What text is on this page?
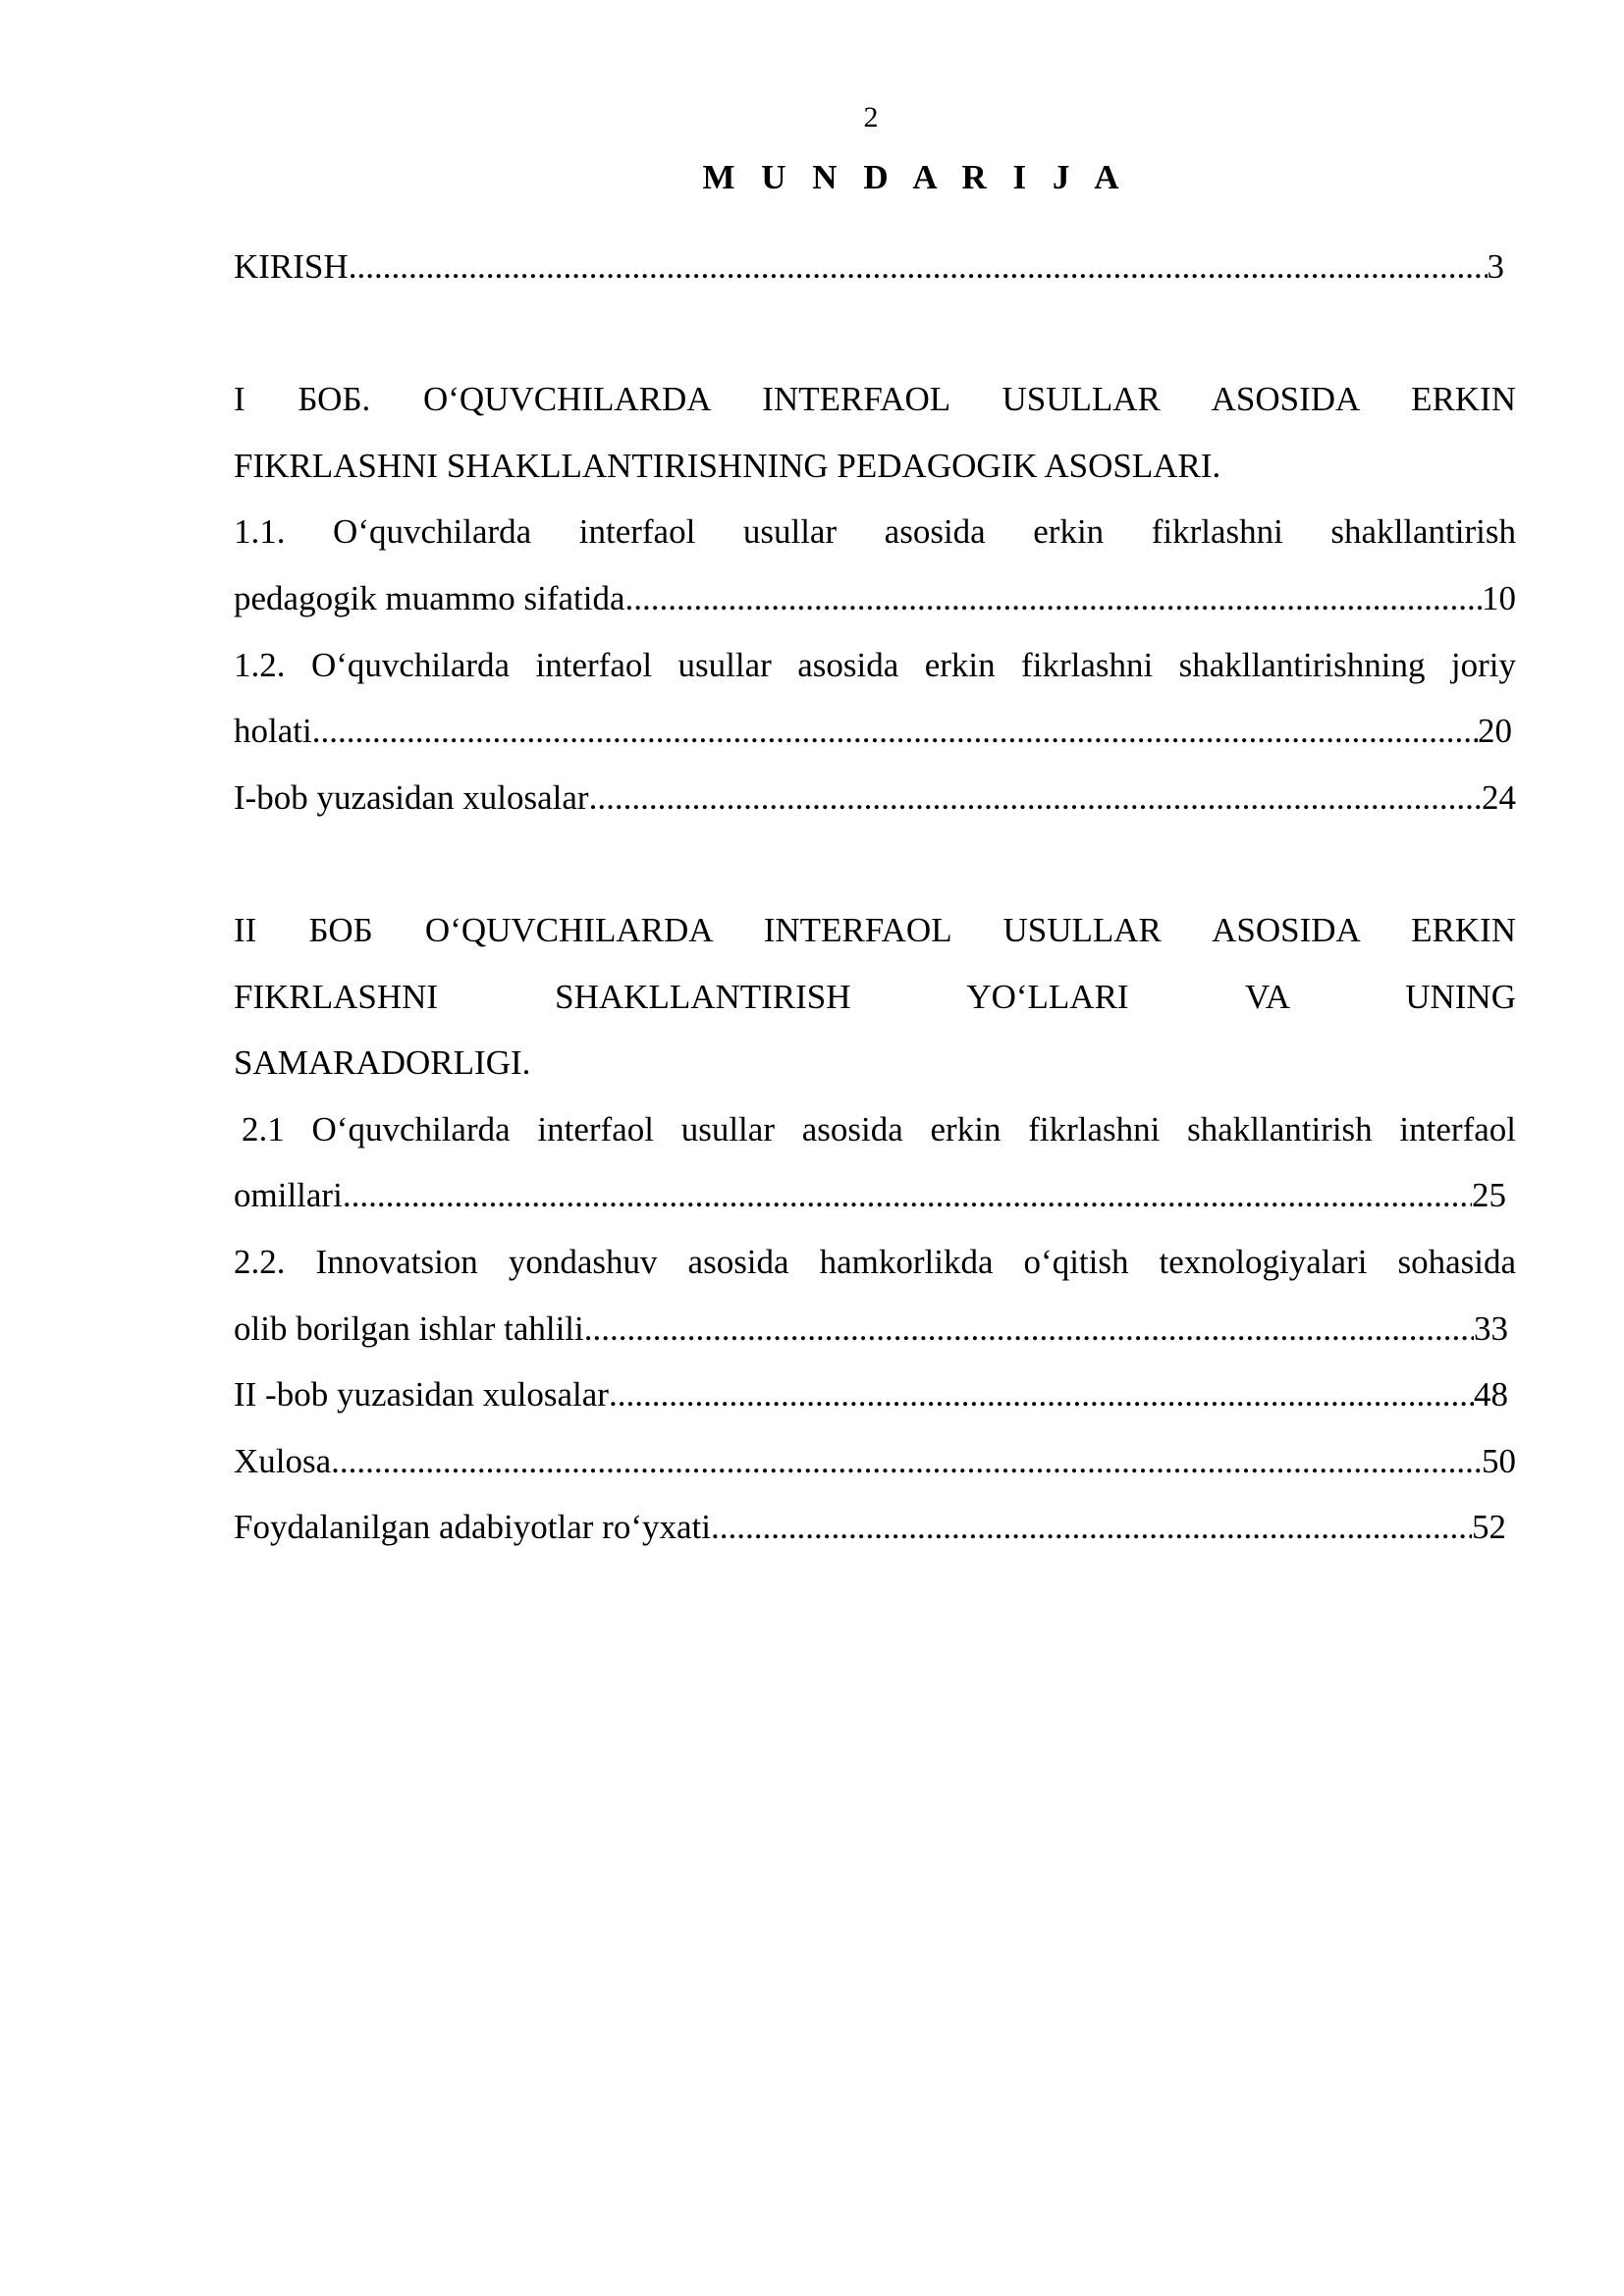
2

M U N D A R I J A
KIRISH .....	3
I БОБ. O‘QUVCHILARDA INTERFAOL USULLAR ASOSIDA ERKIN
FIKRLASHNI SHAKLLANTIRISHNING PEDAGOGIK ASOSLARI.
1.1. O‘quvchilarda interfaol usullar asosida erkin fikrlashni shakllantirish
pedagogik muammo sifatida .....	10
1.2. O‘quvchilarda interfaol usullar asosida erkin fikrlashni shakllantirishning joriy
holati .....	20
I-bob yuzasidan xulosalar .....	24
II БОБ O‘QUVCHILARDA INTERFAOL USULLAR ASOSIDA ERKIN
FIKRLASHNI SHAKLLANTIRISH YO‘LLARI VA UNING
SAMARADORLIGI.
2.1 O‘quvchilarda interfaol usullar asosida erkin fikrlashni shakllantirish interfaol
omillari .....	25
2.2. Innovatsion yondashuv asosida hamkorlikda o‘qitish texnologiyalari sohasida
olib borilgan ishlar tahlili .....	33
II -bob yuzasidan xulosalar .....	48
Xulosa .....	50
Foydalanilgan adabiyotlar ro‘yxati .....	52
